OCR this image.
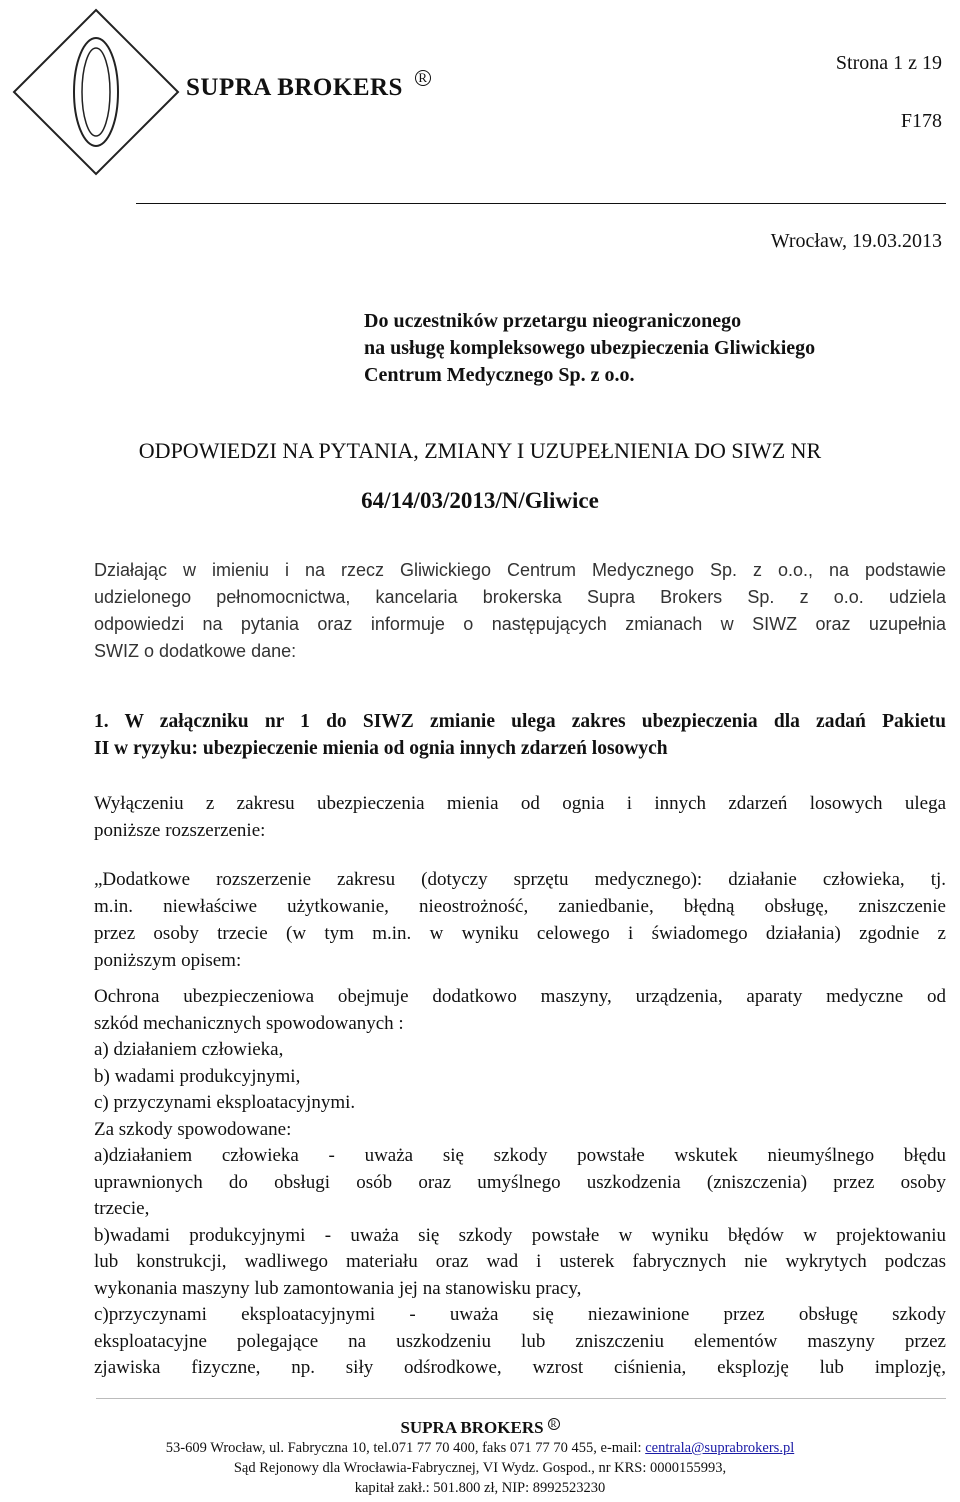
SUPRA BROKERS R
Strona 1 z 19
F178
Wrocław, 19.03.2013
Do uczestników przetargu nieograniczonego
na usługę kompleksowego ubezpieczenia Gliwickiego
Centrum Medycznego Sp. z o.o.
ODPOWIEDZI NA PYTANIA, ZMIANY I UZUPEŁNIENIA DO SIWZ NR
64/14/03/2013/N/Gliwice
Działając w imieniu i na rzecz Gliwickiego Centrum Medycznego Sp. z o.o., na podstawie
udzielonego pełnomocnictwa, kancelaria brokerska Supra Brokers Sp. z o.o. udziela
odpowiedzi na pytania oraz informuje o następujących zmianach w SIWZ oraz uzupełnia
SWIZ o dodatkowe dane:
1. W załączniku nr 1 do SIWZ zmianie ulega zakres ubezpieczenia dla zadań Pakietu
II w ryzyku: ubezpieczenie mienia od ognia innych zdarzeń losowych
Wyłączeniu z zakresu ubezpieczenia mienia od ognia i innych zdarzeń losowych ulega
poniższe rozszerzenie:
„Dodatkowe rozszerzenie zakresu (dotyczy sprzętu medycznego): działanie człowieka, tj.
m.in. niewłaściwe użytkowanie, nieostrożność, zaniedbanie, błędną obsługę, zniszczenie
przez osoby trzecie (w tym m.in. w wyniku celowego i świadomego działania) zgodnie z
poniższym opisem:
Ochrona ubezpieczeniowa obejmuje dodatkowo maszyny, urządzenia, aparaty medyczne od
szkód mechanicznych spowodowanych :
a) działaniem człowieka,
b) wadami produkcyjnymi,
c) przyczynami eksploatacyjnymi.
Za szkody spowodowane:
a)działaniem człowieka - uważa się szkody powstałe wskutek nieumyślnego błędu
uprawnionych do obsługi osób oraz umyślnego uszkodzenia (zniszczenia) przez osoby
trzecie,
b)wadami produkcyjnymi - uważa się szkody powstałe w wyniku błędów w projektowaniu
lub konstrukcji, wadliwego materiału oraz wad i usterek fabrycznych nie wykrytych podczas
wykonania maszyny lub zamontowania jej na stanowisku pracy,
c)przyczynami eksploatacyjnymi - uważa się niezawinione przez obsługę szkody
eksploatacyjne polegające na uszkodzeniu lub zniszczeniu elementów maszyny przez
zjawiska fizyczne, np. siły odśrodkowe, wzrost ciśnienia, eksplozję lub implozję,
SUPRA BROKERS R
53-609 Wrocław, ul. Fabryczna 10, tel.071 77 70 400, faks 071 77 70 455, e-mail: centrala@suprabrokers.pl
Sąd Rejonowy dla Wrocławia-Fabrycznej, VI Wydz. Gospod., nr KRS: 0000155993,
kapitał zakł.: 501.800 zł, NIP: 8992523230
